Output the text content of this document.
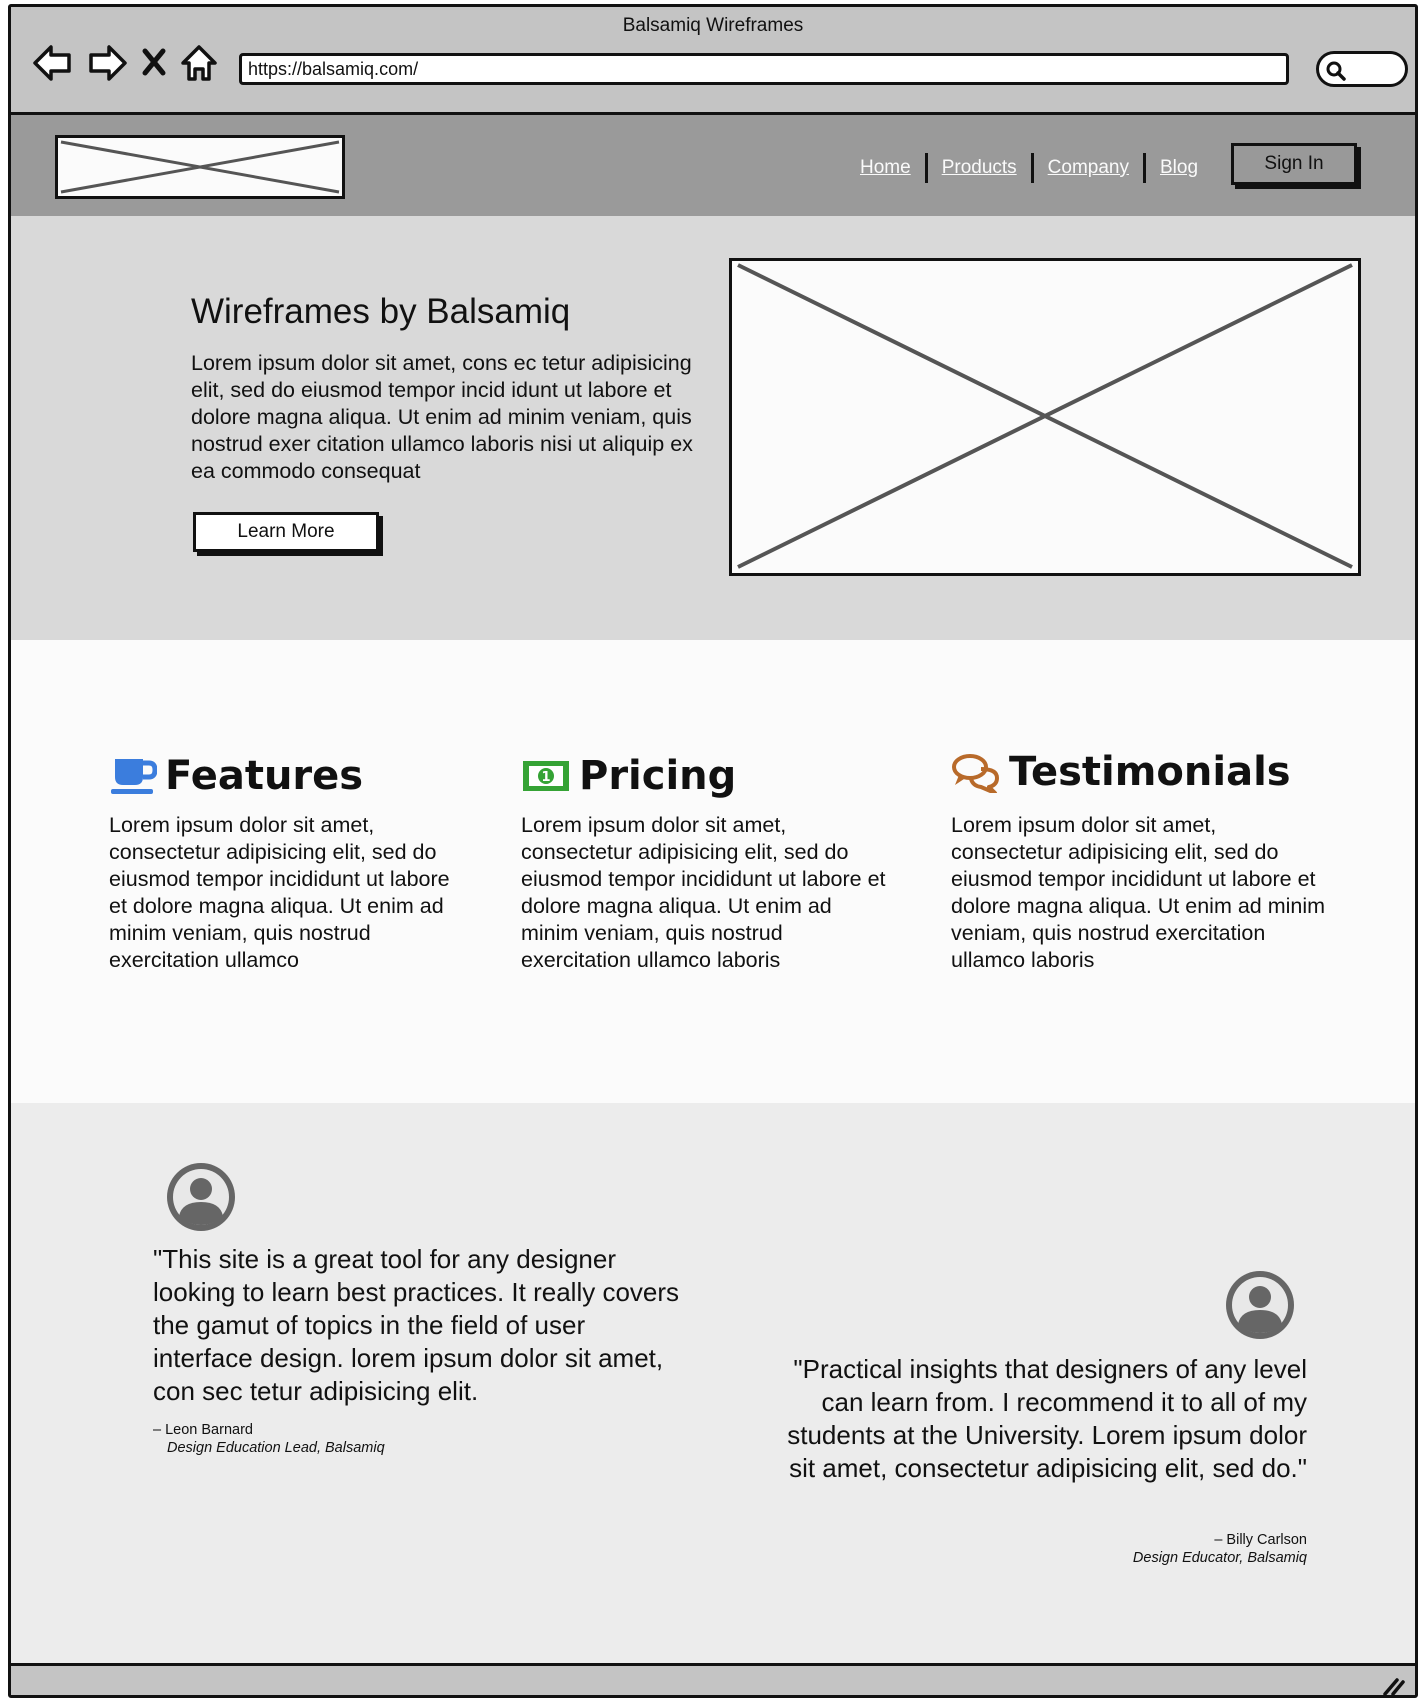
Balsamiq Wireframes
https://balsamiq.com/
Home	Products	Company	Blog	Sign In
Wireframes by Balsamiq

Lorem ipsum dolor sit amet, cons ec tetur adipisicing elit, sed do eiusmod tempor incid idunt ut labore et dolore magna aliqua. Ut enim ad minim veniam, quis nostrud exer citation ullamco laboris nisi ut aliquip ex ea commodo consequat

Learn More
Features

Lorem ipsum dolor sit amet, consectetur adipisicing elit, sed do eiusmod tempor incididunt ut labore et dolore magna aliqua. Ut enim ad minim veniam, quis nostrud exercitation ullamco

1 Pricing

Lorem ipsum dolor sit amet, consectetur adipisicing elit, sed do eiusmod tempor incididunt ut labore et dolore magna aliqua. Ut enim ad minim veniam, quis nostrud exercitation ullamco laboris

Testimonials

Lorem ipsum dolor sit amet, consectetur adipisicing elit, sed do eiusmod tempor incididunt ut labore et dolore magna aliqua. Ut enim ad minim veniam, quis nostrud exercitation ullamco laboris

"This site is a great tool for any designer looking to learn best practices. It really covers the gamut of topics in the field of user interface design. lorem ipsum dolor sit amet, con sec tetur adipisicing elit.

– Leon Barnard
Design Education Lead, Balsamiq

"Practical insights that designers of any level can learn from. I recommend it to all of my students at the University. Lorem ipsum dolor sit amet, consectetur adipisicing elit, sed do."

– Billy Carlson
Design Educator, Balsamiq
